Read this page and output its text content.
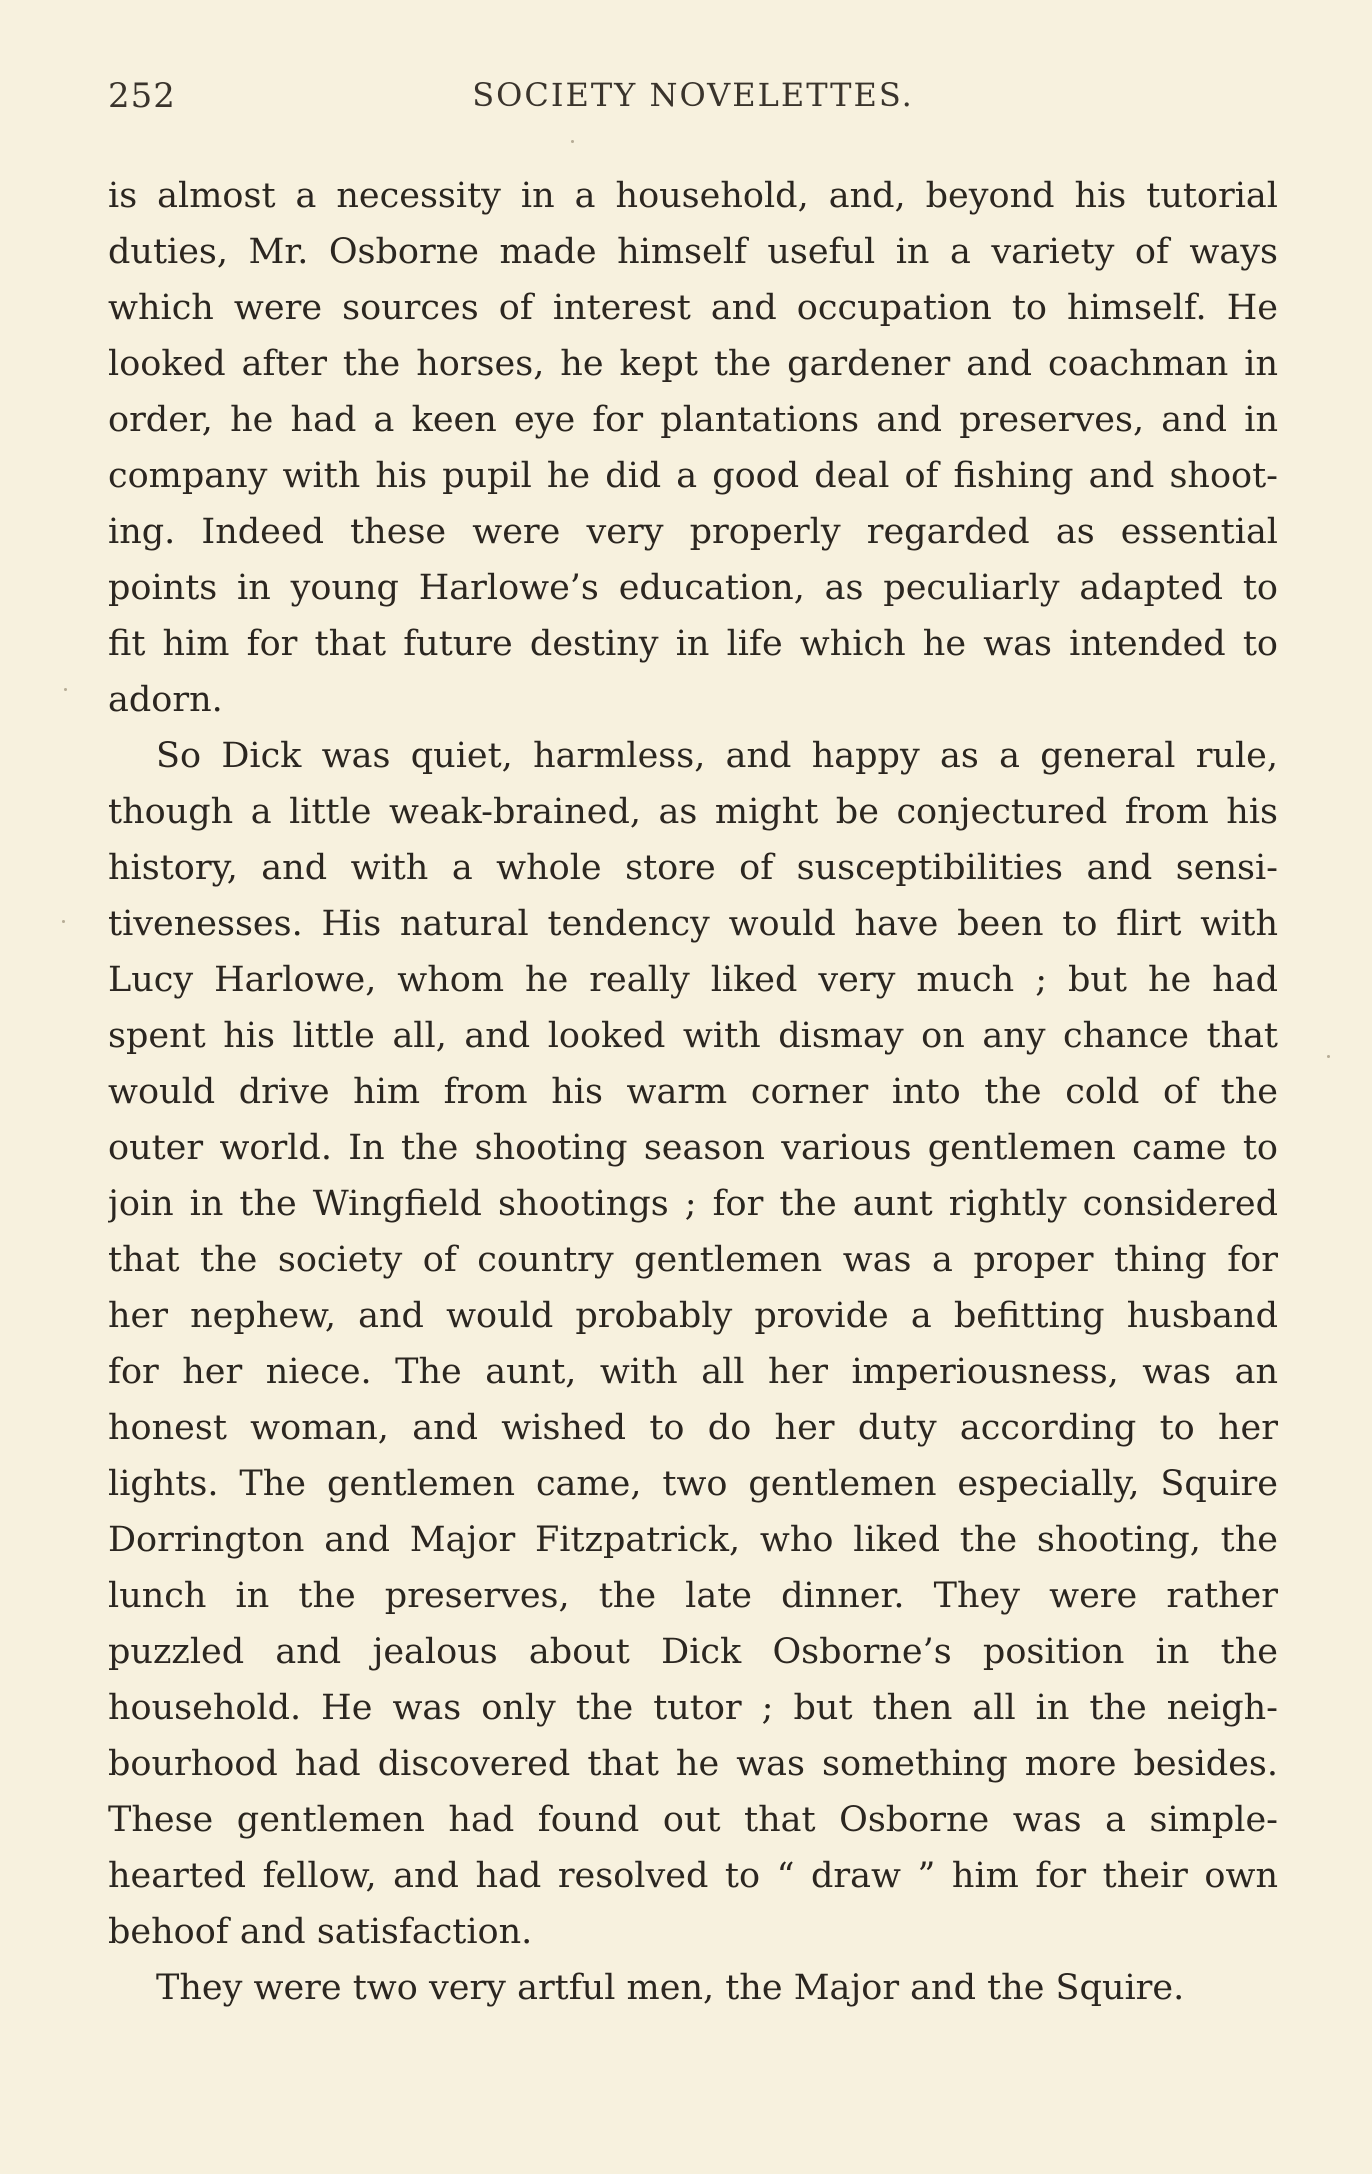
252	SOCIETY NOVELETTES.
is almost a necessity in a household, and, beyond his tutorial
duties, Mr. Osborne made himself useful in a variety of ways
which were sources of interest and occupation to himself. He
looked after the horses, he kept the gardener and coachman in
order, he had a keen eye for plantations and preserves, and in
company with his pupil he did a good deal of fishing and shoot-
ing. Indeed these were very properly regarded as essential
points in young Harlowe’s education, as peculiarly adapted to
fit him for that future destiny in life which he was intended to
adorn.
So Dick was quiet, harmless, and happy as a general rule,
though a little weak-brained, as might be conjectured from his
history, and with a whole store of susceptibilities and sensi-
tivenesses. His natural tendency would have been to flirt with
Lucy Harlowe, whom he really liked very much ; but he had
spent his little all, and looked with dismay on any chance that
would drive him from his warm corner into the cold of the
outer world. In the shooting season various gentlemen came to
join in the Wingfield shootings ; for the aunt rightly considered
that the society of country gentlemen was a proper thing for
her nephew, and would probably provide a befitting husband
for her niece. The aunt, with all her imperiousness, was an
honest woman, and wished to do her duty according to her
lights. The gentlemen came, two gentlemen especially, Squire
Dorrington and Major Fitzpatrick, who liked the shooting, the
lunch in the preserves, the late dinner. They were rather
puzzled and jealous about Dick Osborne’s position in the
household. He was only the tutor ; but then all in the neigh-
bourhood had discovered that he was something more besides.
These gentlemen had found out that Osborne was a simple-
hearted fellow, and had resolved to “ draw ” him for their own
behoof and satisfaction.
They were two very artful men, the Major and the Squire.
